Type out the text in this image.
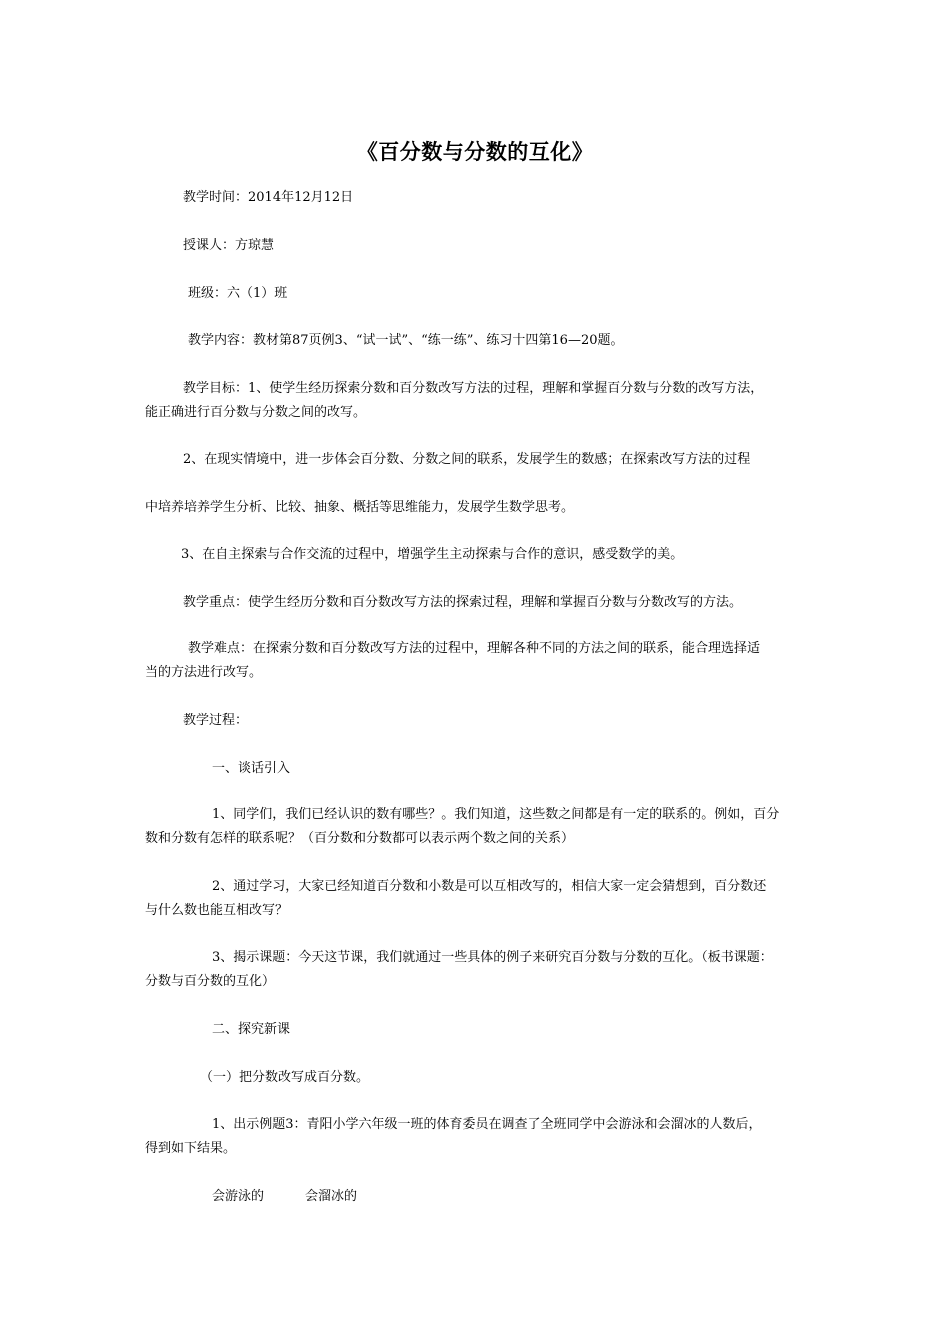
《百分数与分数的互化》
教学时间：2014年12月12日
授课人：方琼慧
班级：六（1）班
教学内容：教材第87页例3、“试一试”、“练一练”、练习十四第16—20题。
教学目标：1、使学生经历探索分数和百分数改写方法的过程，理解和掌握百分数与分数的改写方法，
能正确进行百分数与分数之间的改写。
2、在现实情境中，进一步体会百分数、分数之间的联系，发展学生的数感；在探索改写方法的过程
中培养培养学生分析、比较、抽象、概括等思维能力，发展学生数学思考。
3、在自主探索与合作交流的过程中，增强学生主动探索与合作的意识，感受数学的美。
教学重点：使学生经历分数和百分数改写方法的探索过程，理解和掌握百分数与分数改写的方法。
教学难点：在探索分数和百分数改写方法的过程中，理解各种不同的方法之间的联系，能合理选择适
当的方法进行改写。
教学过程：
一、谈话引入
1、同学们，我们已经认识的数有哪些？。我们知道，这些数之间都是有一定的联系的。例如，百分
数和分数有怎样的联系呢？（百分数和分数都可以表示两个数之间的关系）
2、通过学习，大家已经知道百分数和小数是可以互相改写的，相信大家一定会猜想到，百分数还
与什么数也能互相改写？
3、揭示课题：今天这节课，我们就通过一些具体的例子来研究百分数与分数的互化。（板书课题：
分数与百分数的互化）
二、探究新课
（一）把分数改写成百分数。
1、出示例题3：青阳小学六年级一班的体育委员在调查了全班同学中会游泳和会溜冰的人数后，
得到如下结果。
会游泳的	会溜冰的
